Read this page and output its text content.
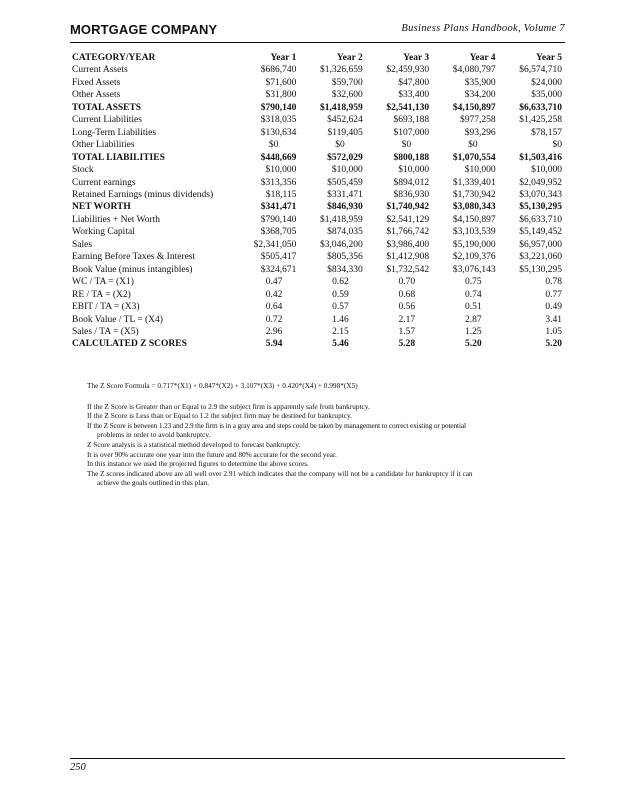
MORTGAGE COMPANY	Business Plans Handbook, Volume 7
CATEGORY/YEAR	Year 1	Year 2	Year 3	Year 4	Year 5
Current Assets	$686,740	$1,326,659	$2,459,930	$4,080,797	$6,574,710
Fixed Assets	$71,600	$59,700	$47,800	$35,900	$24,000
Other Assets	$31,800	$32,600	$33,400	$34,200	$35,000
TOTAL ASSETS	$790,140	$1,418,959	$2,541,130	$4,150,897	$6,633,710
Current Liabilities	$318,035	$452,624	$693,188	$977,258	$1,425,258
Long-Term Liabilities	$130,634	$119,405	$107,000	$93,296	$78,157
Other Liabilities	$0	$0	$0	$0	$0
TOTAL LIABILITIES	$448,669	$572,029	$800,188	$1,070,554	$1,503,416
Stock	$10,000	$10,000	$10,000	$10,000	$10,000
Current earnings	$313,356	$505,459	$894,012	$1,339,401	$2,049,952
Retained Earnings (minus dividends)	$18,115	$331,471	$836,930	$1,730,942	$3,070,343
NET WORTH	$341,471	$846,930	$1,740,942	$3,080,343	$5,130,295
Liabilities + Net Worth	$790,140	$1,418,959	$2,541,129	$4,150,897	$6,633,710
Working Capital	$368,705	$874,035	$1,766,742	$3,103,539	$5,149,452
Sales	$2,341,050	$3,046,200	$3,986,400	$5,190,000	$6,957,000
Earning Before Taxes & Interest	$505,417	$805,356	$1,412,908	$2,109,376	$3,221,060
Book Value (minus intangibles)	$324,671	$834,330	$1,732,542	$3,076,143	$5,130,295
WC / TA = (X1)	0.47	0.62	0.70	0.75	0.78
RE / TA = (X2)	0.42	0.59	0.68	0.74	0.77
EBIT / TA = (X3)	0.64	0.57	0.56	0.51	0.49
Book Value / TL = (X4)	0.72	1.46	2.17	2.87	3.41
Sales / TA = (X5)	2.96	2.15	1.57	1.25	1.05
CALCULATED Z SCORES	5.94	5.46	5.28	5.20	5.20

The Z Score Formula = 0.717*(X1) + 0.847*(X2) + 3.107*(X3) + 0.420*(X4) + 0.998*(X5)

If the Z Score is Greater than or Equal to 2.9 the subject firm is apparently safe from bankruptcy.

If the Z Score is Less than or Equal to 1.2 the subject firm may be destined for bankruptcy.

If the Z Score is between 1.23 and 2.9 the firm is in a gray area and steps could be taken by management to correct existing or potential

problems in order to avoid bankruptcy.

Z Score analysis is a statistical method developed to forecast bankruptcy.

It is over 90% accurate one year into the future and 80% accurate for the second year.

In this instance we used the projected figures to determine the above scores.

The Z scores indicated above are all well over 2.91 which indicates that the company will not be a candidate for bankruptcy if it can

achieve the goals outlined in this plan.

250
